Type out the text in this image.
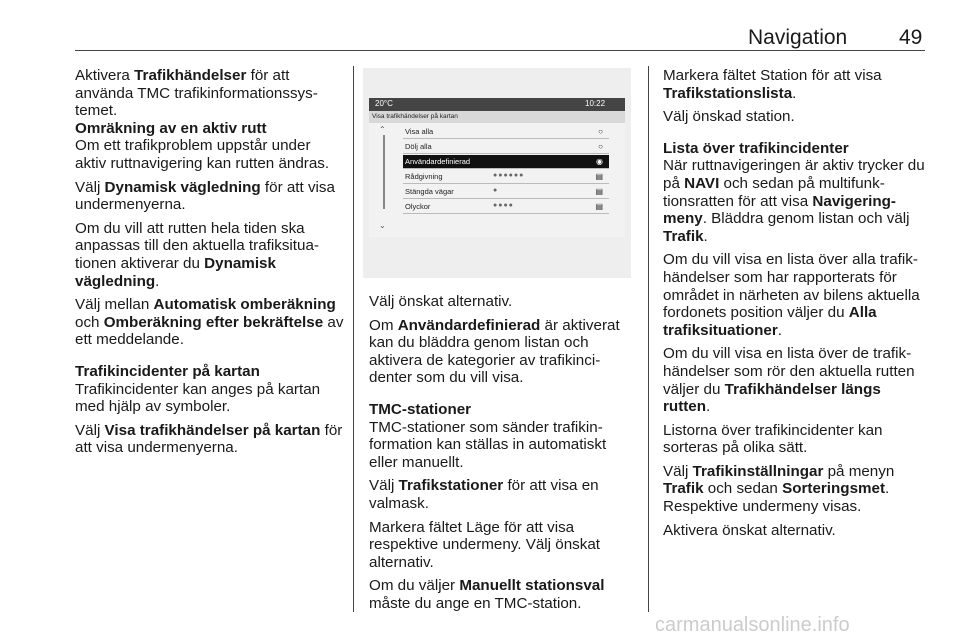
Navigation 49

Aktivera Trafikhändelser för att använda TMC trafikinformationssys-temet.

Omräkning av en aktiv rutt

Om ett trafikproblem uppstår under aktiv ruttnavigering kan rutten ändras.

Välj Dynamisk vägledning för att visa undermenyerna.

Om du vill att rutten hela tiden ska anpassas till den aktuella trafiksitua-tionen aktiverar du Dynamisk vägledning.

Välj mellan Automatisk omberäkning och Omberäkning efter bekräftelse av ett meddelande.

Trafikincidenter på kartan

Trafikincidenter kan anges på kartan med hjälp av symboler.

Välj Visa trafikhändelser på kartan för att visa undermenyerna.

20°C	10:22
Visa trafikhändelser på kartan
⌃
⌄
Visa alla	○
Dölj alla	○
Användardefinierad	◉
Rådgivning	●●●●●●	▤
Stängda vägar	●	▤
Olyckor	●●●●	▤

Välj önskat alternativ.

Om Användardefinierad är aktiverat kan du bläddra genom listan och aktivera de kategorier av trafikinci-denter som du vill visa.

TMC-stationer

TMC-stationer som sänder trafikin-formation kan ställas in automatiskt eller manuellt.

Välj Trafikstationer för att visa en valmask.

Markera fältet Läge för att visa respektive undermeny. Välj önskat alternativ.

Om du väljer Manuellt stationsval måste du ange en TMC-station.

Markera fältet Station för att visa Trafikstationslista.

Välj önskad station.

Lista över trafikincidenter

När ruttnavigeringen är aktiv trycker du på NAVI och sedan på multifunk-tionsratten för att visa Navigering-meny. Bläddra genom listan och välj Trafik.

Om du vill visa en lista över alla trafik-händelser som har rapporterats för området in närheten av bilens aktuella fordonets position väljer du Alla trafiksituationer.

Om du vill visa en lista över de trafik-händelser som rör den aktuella rutten väljer du Trafikhändelser längs rutten.

Listorna över trafikincidenter kan sorteras på olika sätt.

Välj Trafikinställningar på menyn Trafik och sedan Sorteringsmet. Respektive undermeny visas.

Aktivera önskat alternativ.

carmanualsonline.info
